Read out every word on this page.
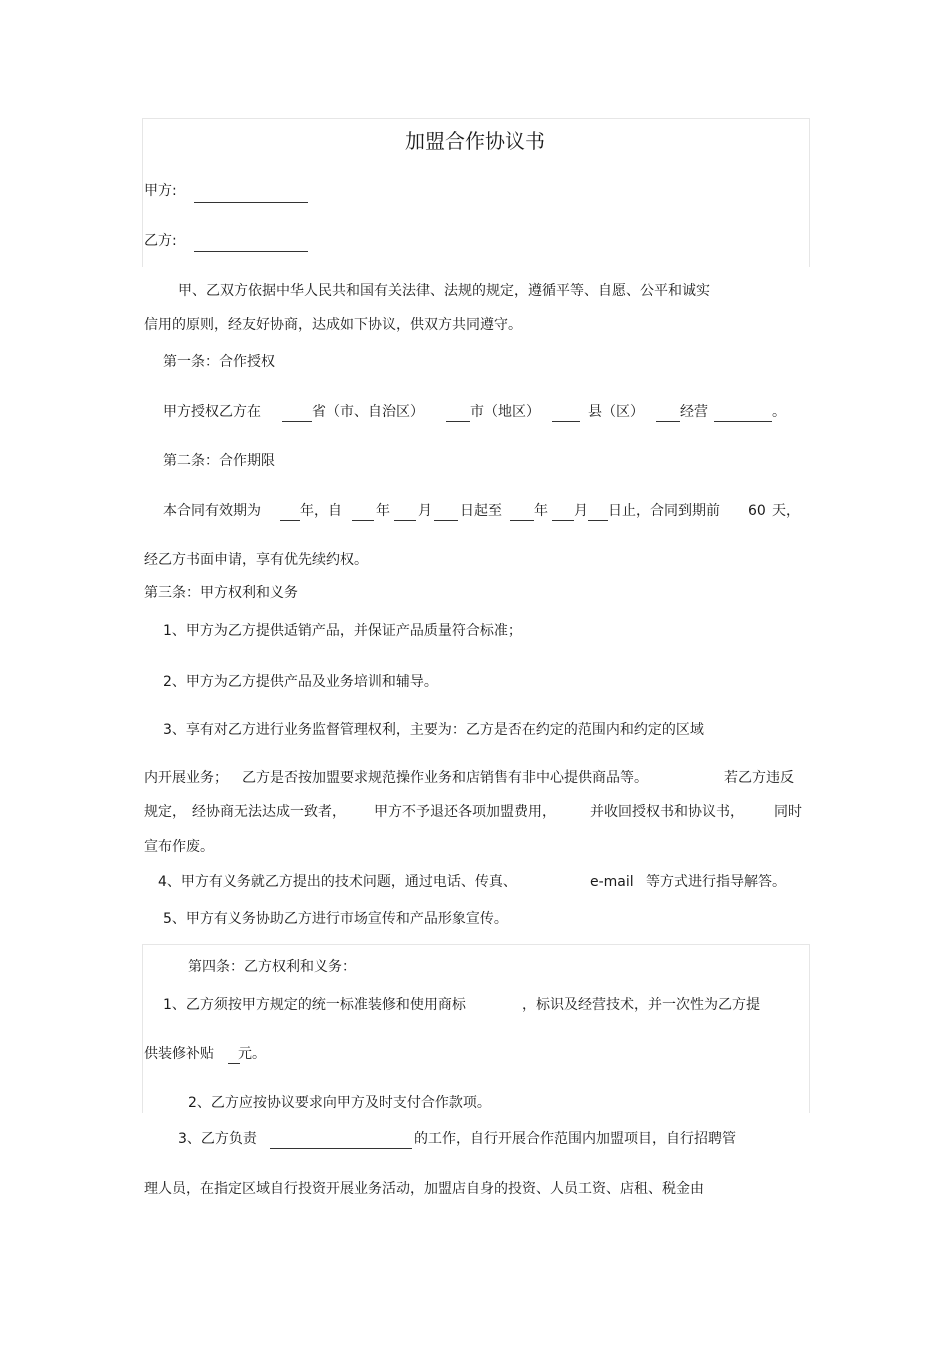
加盟合作协议书
甲方:
乙方:
甲、乙双方依据中华人民共和国有关法律、法规的规定，遵循平等、自愿、公平和诚实
信用的原则，经友好协商，达成如下协议，供双方共同遵守。
第一条：合作授权
甲方授权乙方在	省（市、自治区）	市（地区）	县（区）	经营	。
第二条：合作期限
本合同有效期为	年，自 年 月 日起至 年 月 日止，合同到期前 60 天，
经乙方书面申请，享有优先续约权。
第三条：甲方权利和义务
1、甲方为乙方提供适销产品，并保证产品质量符合标准；
2、甲方为乙方提供产品及业务培训和辅导。
3、享有对乙方进行业务监督管理权利，主要为：乙方是否在约定的范围内和约定的区域
内开展业务； 乙方是否按加盟要求规范操作业务和店销售有非中心提供商品等。	若乙方违反
规定， 经协商无法达成一致者， 甲方不予退还各项加盟费用， 并收回授权书和协议书， 同时
宣布作废。
4、甲方有义务就乙方提出的技术问题，通过电话、传真、	e-mail 等方式进行指导解答。
5、甲方有义务协助乙方进行市场宣传和产品形象宣传。
第四条：乙方权利和义务：
1、乙方须按甲方规定的统一标准装修和使用商标	，标识及经营技术，并一次性为乙方提
供装修补贴 元。
2、乙方应按协议要求向甲方及时支付合作款项。
3、乙方负责	的工作，自行开展合作范围内加盟项目，自行招聘管
理人员，在指定区域自行投资开展业务活动，加盟店自身的投资、人员工资、店租、税金由
